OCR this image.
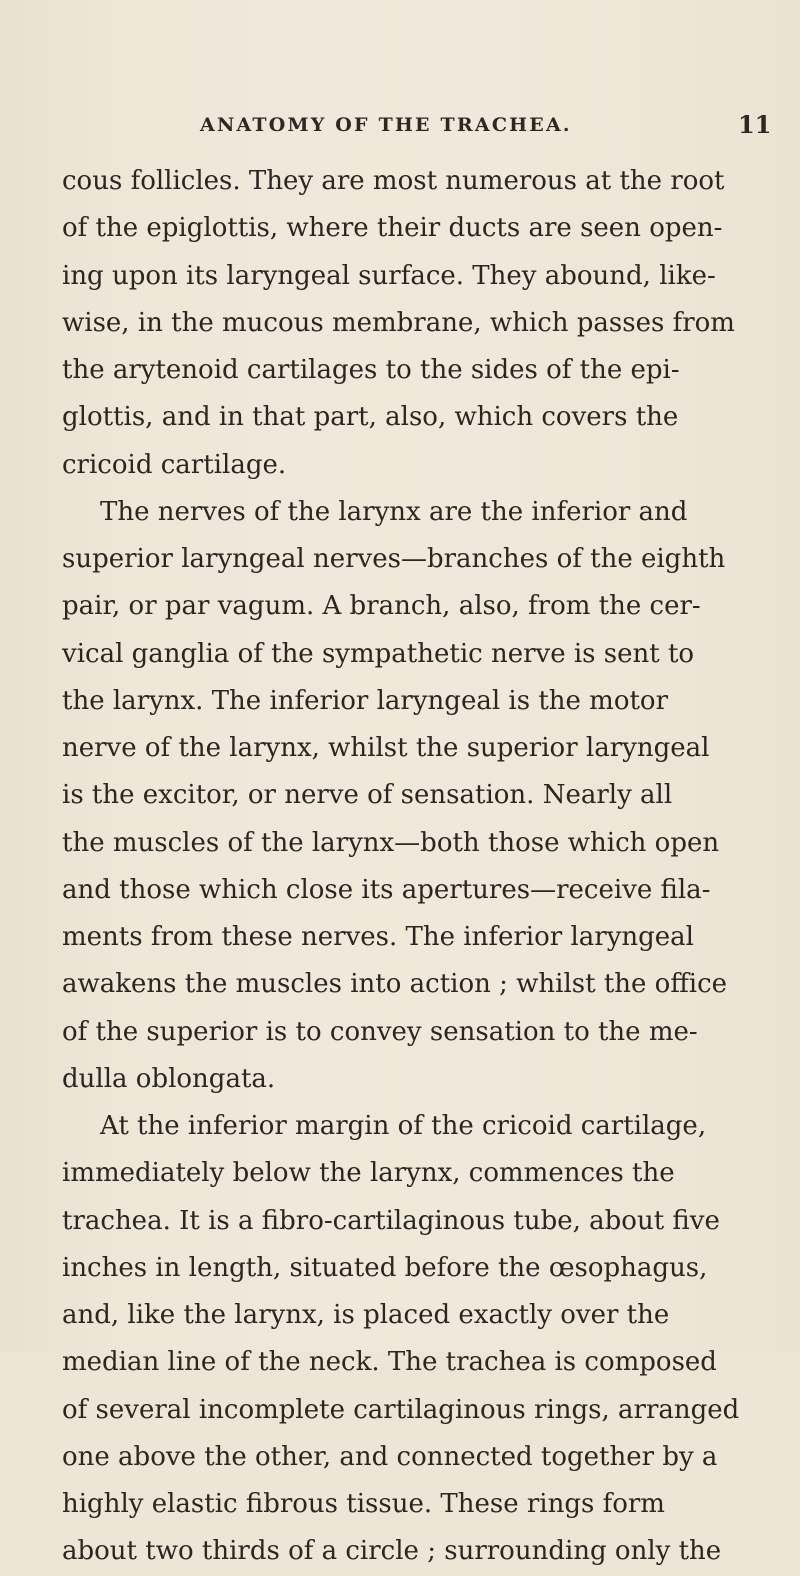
ANATOMY OF THE TRACHEA.	11
cous follicles. They are most numerous at the root
of the epiglottis, where their ducts are seen open-
ing upon its laryngeal surface. They abound, like-
wise, in the mucous membrane, which passes from
the arytenoid cartilages to the sides of the epi-
glottis, and in that part, also, which covers the
cricoid cartilage.
The nerves of the larynx are the inferior and
superior laryngeal nerves—branches of the eighth
pair, or par vagum. A branch, also, from the cer-
vical ganglia of the sympathetic nerve is sent to
the larynx. The inferior laryngeal is the motor
nerve of the larynx, whilst the superior laryngeal
is the excitor, or nerve of sensation. Nearly all
the muscles of the larynx—both those which open
and those which close its apertures—receive fila-
ments from these nerves. The inferior laryngeal
awakens the muscles into action ; whilst the office
of the superior is to convey sensation to the me-
dulla oblongata.
At the inferior margin of the cricoid cartilage,
immediately below the larynx, commences the
trachea. It is a fibro-cartilaginous tube, about five
inches in length, situated before the œsophagus,
and, like the larynx, is placed exactly over the
median line of the neck. The trachea is composed
of several incomplete cartilaginous rings, arranged
one above the other, and connected together by a
highly elastic fibrous tissue. These rings form
about two thirds of a circle ; surrounding only the
